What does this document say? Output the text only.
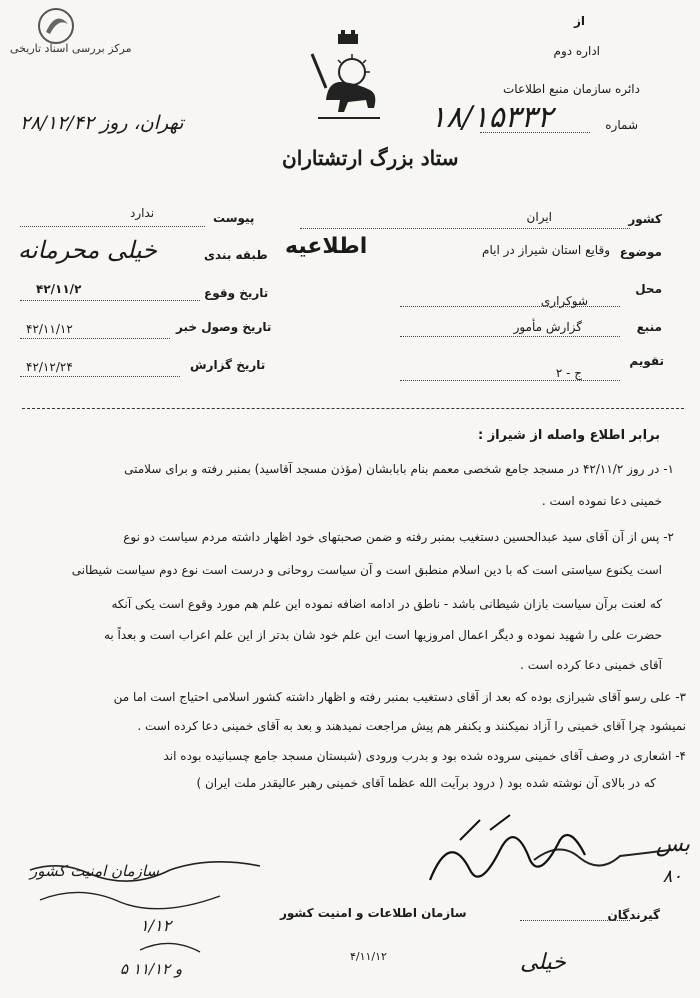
مرکز بررسی اسناد تاریخی
از
اداره دوم
دائره سازمان منبع اطلاعات
شماره
۱۸/۱۵۳۳۲
تهران، روز ۲۸/۱۲/۴۲
ستاد بزرگ ارتشتاران
کشور
ایران
موضوع
وقایع استان شیراز در ایام
اطلاعیه
محل
شوکراری
منبع
گزارش مأمور
تقویم
ج - ۲
پیوست
ندارد
طبقه بندی
خیلی محرمانه
تاریخ وقوع
۴۲/۱۱/۲
تاریخ وصول خبر
۴۲/۱۱/۱۲
تاریخ گزارش
۴۲/۱۲/۲۴
برابر اطلاع واصله از شیراز :
۱- در روز ۴۲/۱۱/۲ در مسجد جامع شخصی معمم بنام بابابشان (مؤذن مسجد آقاسید) بمنبر رفته و برای سلامتی
خمینی دعا نموده است .
۲- پس از آن آقای سید عبدالحسین دستغیب بمنبر رفته و ضمن صحبتهای خود اظهار داشته مردم سیاست دو نوع
است یکنوع سیاستی است که با دین اسلام منطبق است و آن سیاست روحانی و درست است نوع دوم سیاست شیطانی
که لعنت برآن سیاست بازان شیطانی باشد - ناطق در ادامه اضافه نموده این علم هم مورد وقوع است یکی آنکه
حضرت علی را شهید نموده و دیگر اعمال امروزیها است این علم خود شان بدتر از این علم اعراب است و بعداً به
آقای خمینی دعا کرده است .
۳- علی رسو آقای شیرازی بوده که بعد از آقای دستغیب بمنبر رفته و اظهار داشته کشور اسلامی احتیاج است اما من
نمیشود چرا آقای خمینی را آزاد نمیکنند و یکنفر هم پیش مراجعت نمیدهند و بعد به آقای خمینی دعا کرده است .
۴- اشعاری در وصف آقای خمینی سروده شده بود و بدرب ورودی (شبستان مسجد جامع چسبانیده بوده اند
که در بالای آن نوشته شده بود ( درود برآیت الله عظما آقای خمینی رهبر عالیقدر ملت ایران )
بس
۸۰
گیرندگان
سازمان اطلاعات و امنیت کشور
خیلی
۴/۱۱/۱۲
سازمان امنیت کشور
۱/۱۲
۵ و ۱۱/۱۲
